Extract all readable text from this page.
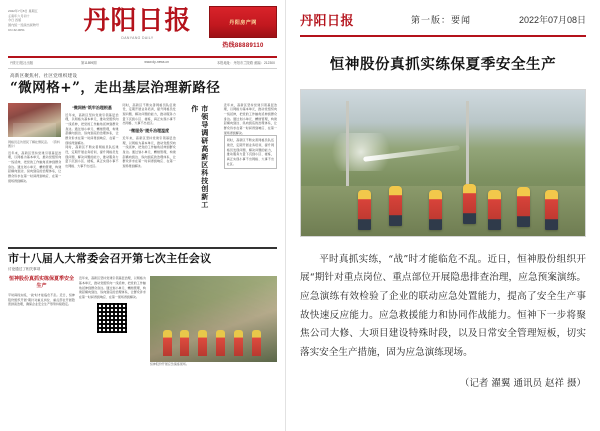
2022年7月8日 星期五
壬寅年六月初十
今日 四版
国内统一连续出版物号
CN 32-0051	丹阳日报
DANYANG DAILY
丹阳房产网
热线88889110
丹阳日报社出版	第11899期	www.dy-news.cn	本报地址：丹阳市兰陵路 邮编：212300
高新区聚焦村、社区党组织建设
“微网格+”，走出基层治理新路径
网格员走访居民了解社情民意。 （资料图片）
近年来，高新区坚持党建引领基层治理，以网格为基本单元，推动党组织向一线延伸，把党的工作触角延伸到群众身边。通过划小单元、精细管理，构建起横向到边、纵向到底的治理体系，让群众诉求在第一时间得到响应、在第一现场得到解决。
“微网格”筑牢治理根基
近年来，高新区坚持党建引领基层治理，以网格为基本单元，推动党组织向一线延伸，把党的工作触角延伸到群众身边。通过划小单元、精细管理，构建起横向到边、纵向到底的治理体系，让群众诉求在第一时间得到响应、在第一现场得到解决。
同时，高新区不断完善网格员队伍建设，定期开展业务培训，提升网格员发现问题、解决问题的能力，推动服务力量下沉到小区、楼栋，真正实现小事不出网格、大事不出社区。
同时，高新区不断完善网格员队伍建设，定期开展业务培训，提升网格员发现问题、解决问题的能力，推动服务力量下沉到小区、楼栋，真正实现小事不出网格、大事不出社区。
“微服务”提升治理温度
近年来，高新区坚持党建引领基层治理，以网格为基本单元，推动党组织向一线延伸，把党的工作触角延伸到群众身边。通过划小单元、精细管理，构建起横向到边、纵向到底的治理体系，让群众诉求在第一时间得到响应、在第一现场得到解决。	市领导调研高新区科技创新工作	近年来，高新区坚持党建引领基层治理，以网格为基本单元，推动党组织向一线延伸，把党的工作触角延伸到群众身边。通过划小单元、精细管理，构建起横向到边、纵向到底的治理体系，让群众诉求在第一时间得到响应、在第一现场得到解决。
同时，高新区不断完善网格员队伍建设，定期开展业务培训，提升网格员发现问题、解决问题的能力，推动服务力量下沉到小区、楼栋，真正实现小事不出网格、大事不出社区。
市十八届人大常委会召开第七次主任会议
讨论通过了相关事项
恒神股份真抓实练保夏季安全生产
平时真抓实练，“战”时才能临危不乱。近日，恒神股份组织开展“期针对重点岗位、重点部位开展隐患排查治理，确保企业安全生产形势持续稳定。
近年来，高新区坚持党建引领基层治理，以网格为基本单元，推动党组织向一线延伸，把党的工作触角延伸到群众身边。通过划小单元、精细管理，构建起横向到边、纵向到底的治理体系，让群众诉求在第一时间得到响应、在第一现场得到解决。
恒神股份开展应急演练现场。
丹阳日报	第一版：要闻	2022年07月08日
恒神股份真抓实练保夏季安全生产
平时真抓实练，“战”时才能临危不乱。近日，恒神股份组织开展“期针对重点岗位、重点部位开展隐患排查治理，应急预案演练。应急演练有效检验了企业的联动应急处置能力，提高了安全生产事故快速反应能力。应急救援能力和协同作战能力。恒神下一步将聚焦公司大修、大项目建设特殊时段，以及日常安全管理短板，切实落实安全生产措施，固为应急演练现场。
（记者 濯翼 通讯员 赵祥 摄）
